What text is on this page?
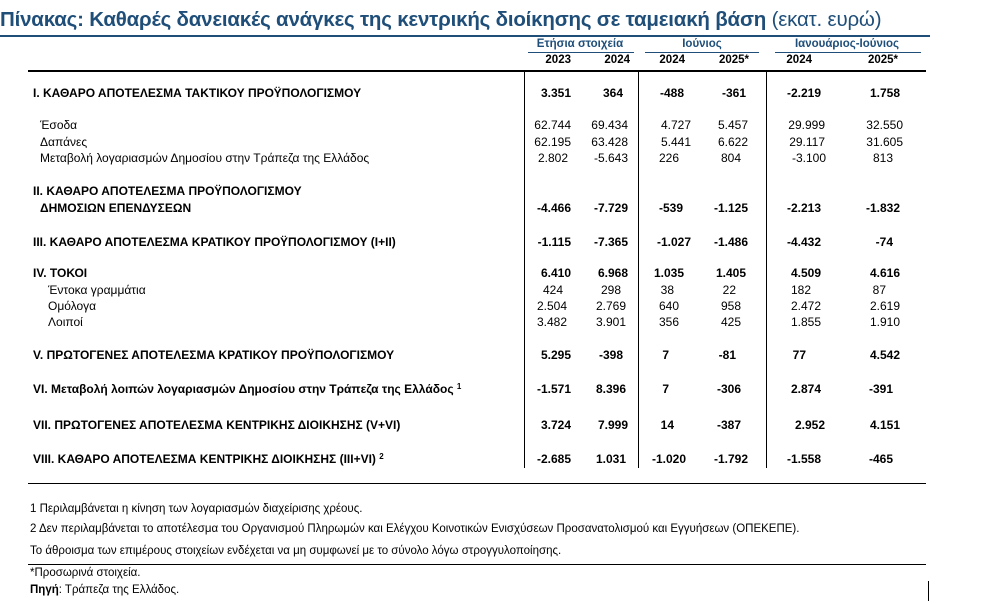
Πίνακας: Καθαρές δανειακές ανάγκες της κεντρικής διοίκησης σε ταμειακή βάση (εκατ. ευρώ)
Ετήσια στοιχεία	Ιούνιος	Ιανουάριος-Ιούνιος
2023	2024	2024	2025*	2024	2025*
Ι. ΚΑΘΑΡΟ ΑΠΟΤΕΛΕΣΜΑ ΤΑΚΤΙΚΟΥ ΠΡΟΫΠΟΛΟΓΙΣΜΟΥ	3.351	364	-488	-361	-2.219	1.758
Έσοδα	62.744	69.434	4.727	5.457	29.999	32.550
Δαπάνες	62.195	63.428	5.441	6.622	29.117	31.605
Μεταβολή λογαριασμών Δημοσίου στην Τράπεζα της Ελλάδος	2.802	-5.643	226	804	-3.100	813
ΙΙ. ΚΑΘΑΡΟ ΑΠΟΤΕΛΕΣΜΑ ΠΡΟΫΠΟΛΟΓΙΣΜΟΥ
ΔΗΜΟΣΙΩΝ ΕΠΕΝΔΥΣΕΩΝ	-4.466	-7.729	-539	-1.125	-2.213	-1.832
ΙΙΙ. ΚΑΘΑΡΟ ΑΠΟΤΕΛΕΣΜΑ ΚΡΑΤΙΚΟΥ ΠΡΟΫΠΟΛΟΓΙΣΜΟΥ (Ι+ΙΙ)	-1.115	-7.365	-1.027	-1.486	-4.432	-74
ΙV. ΤΟΚΟΙ	6.410	6.968	1.035	1.405	4.509	4.616
Έντοκα γραμμάτια	424	298	38	22	182	87
Ομόλογα	2.504	2.769	640	958	2.472	2.619
Λοιποί	3.482	3.901	356	425	1.855	1.910
V. ΠΡΩΤΟΓΕΝΕΣ ΑΠΟΤΕΛΕΣΜΑ ΚΡΑΤΙΚΟΥ ΠΡΟΫΠΟΛΟΓΙΣΜΟΥ	5.295	-398	7	-81	77	4.542
VΙ. Μεταβολή λοιπών λογαριασμών Δημοσίου στην Τράπεζα της Ελλάδος $^1$	-1.571	8.396	7	-306	2.874	-391
VΙΙ. ΠΡΩΤΟΓΕΝΕΣ ΑΠΟΤΕΛΕΣΜΑ ΚΕΝΤΡΙΚΗΣ ΔΙΟΙΚΗΣΗΣ (V+VI)	3.724	7.999	14	-387	2.952	4.151
VΙΙΙ. ΚΑΘΑΡΟ ΑΠΟΤΕΛΕΣΜΑ ΚΕΝΤΡΙΚΗΣ ΔΙΟΙΚΗΣΗΣ (ΙΙΙ+VΙ) $^2$	-2.685	1.031	-1.020	-1.792	-1.558	-465
1 Περιλαμβάνεται η κίνηση των λογαριασμών διαχείρισης χρέους.
2 Δεν περιλαμβάνεται το αποτέλεσμα του Οργανισμού Πληρωμών και Ελέγχου Κοινοτικών Ενισχύσεων Προσανατολισμού και Εγγυήσεων (ΟΠΕΚΕΠΕ).
Το άθροισμα των επιμέρους στοιχείων ενδέχεται να μη συμφωνεί με το σύνολο λόγω στρογγυλοποίησης.
*Προσωρινά στοιχεία.
Πηγή: Τράπεζα της Ελλάδος.
